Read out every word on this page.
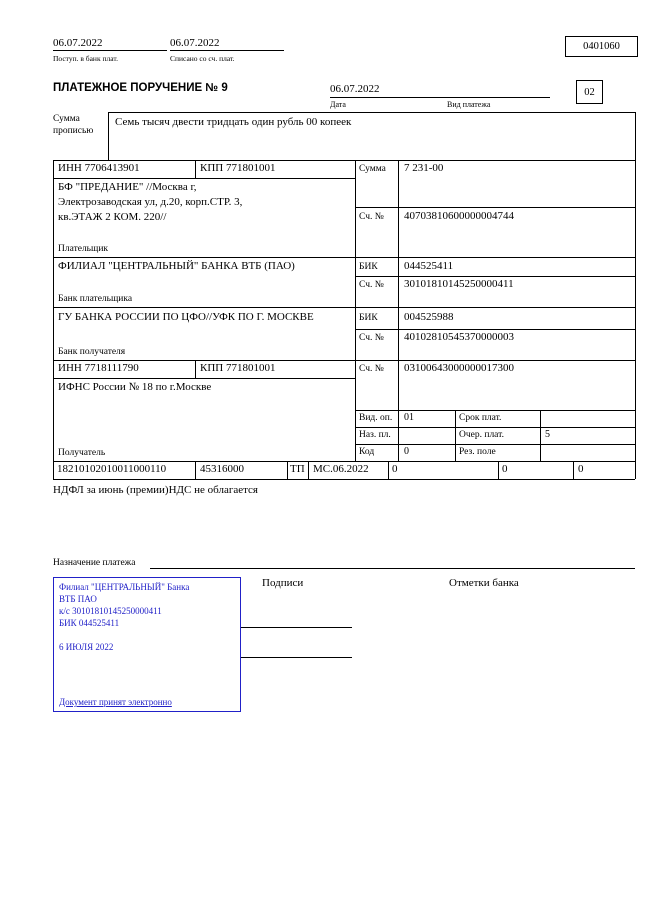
06.07.2022
Поступ. в банк плат.
06.07.2022
Списано со сч. плат.
0401060
ПЛАТЕЖНОЕ ПОРУЧЕНИЕ № 9	06.07.2022
Дата	Вид платежа
02
Сумма
прописью
Семь тысяч двести тридцать один рубль 00 копеек
ИНН 7706413901	КПП 771801001	Сумма 7 231-00
БФ "ПРЕДАНИЕ" //Москва г,
Электрозаводская ул, д.20, корп.СТР. 3,
кв.ЭТАЖ 2 КОМ. 220//	Сч. № 40703810600000004744
Плательщик
ФИЛИАЛ "ЦЕНТРАЛЬНЫЙ" БАНКА ВТБ (ПАО)	БИК 044525411
Сч. № 30101810145250000411
Банк плательщика
ГУ БАНКА РОССИИ ПО ЦФО//УФК ПО Г. МОСКВЕ	БИК 004525988
Сч. № 40102810545370000003
Банк получателя
ИНН 7718111790	КПП 771801001	Сч. № 03100643000000017300
ИФНС России № 18 по г.Москве
Получатель
Вид. оп. 01	Срок плат.
Наз. пл.	Очер. плат.	5
Код	0	Рез. поле
18210102010011000110	45316000	ТП МС.06.2022 0	0	0
НДФЛ за июнь (премии)НДС не облагается
Назначение платежа
Подписи	Отметки банка
Филиал "ЦЕНТРАЛЬНЫЙ" Банка
ВТБ ПАО
к/с 30101810145250000411
БИК 044525411
6 ИЮЛЯ 2022
Документ принят электронно
